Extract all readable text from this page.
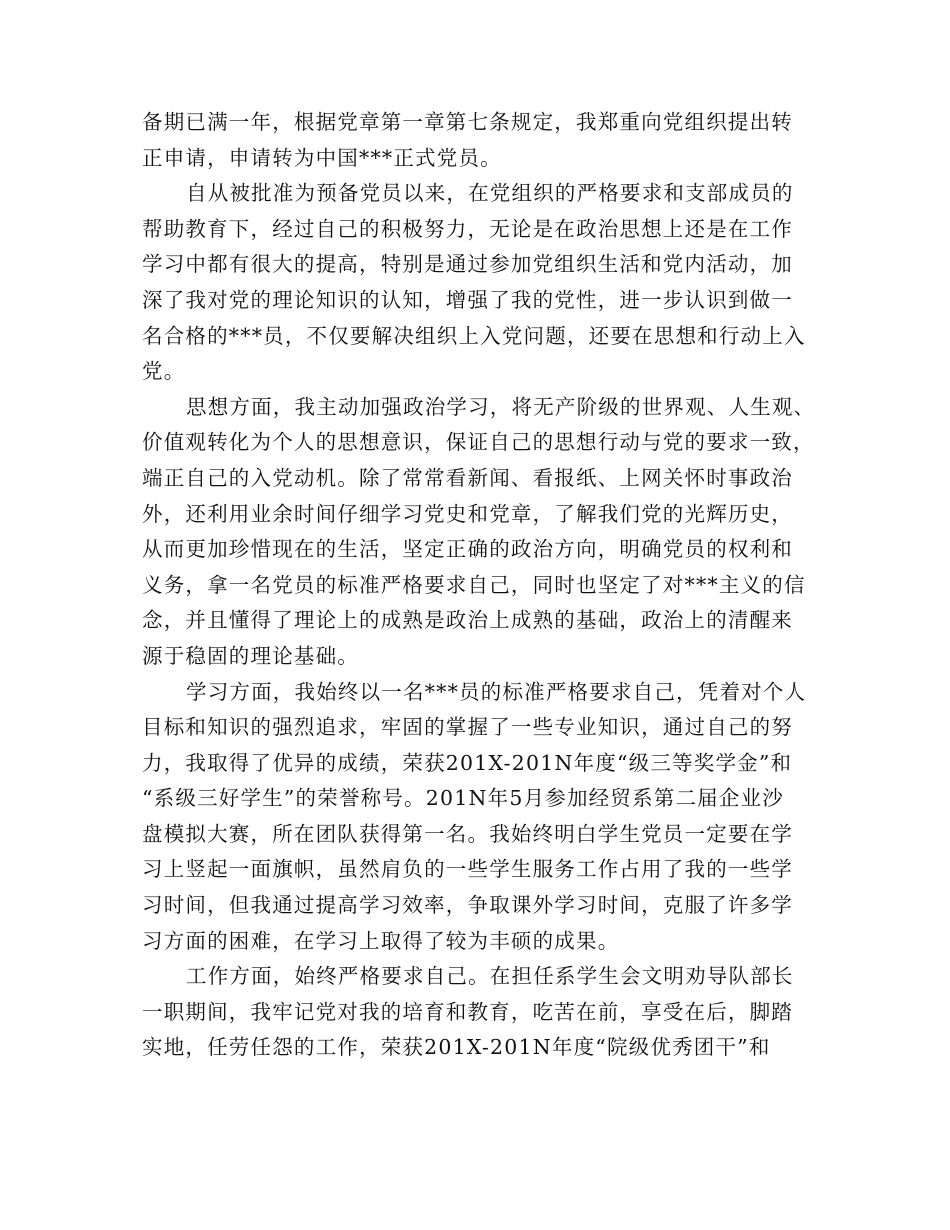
备期已满一年，根据党章第一章第七条规定，我郑重向党组织提出转
正申请，申请转为中国***正式党员。
自从被批准为预备党员以来，在党组织的严格要求和支部成员的
帮助教育下，经过自己的积极努力，无论是在政治思想上还是在工作
学习中都有很大的提高，特别是通过参加党组织生活和党内活动，加
深了我对党的理论知识的认知，增强了我的党性，进一步认识到做一
名合格的***员，不仅要解决组织上入党问题，还要在思想和行动上入
党。
思想方面，我主动加强政治学习，将无产阶级的世界观、人生观、
价值观转化为个人的思想意识，保证自己的思想行动与党的要求一致，
端正自己的入党动机。除了常常看新闻、看报纸、上网关怀时事政治
外，还利用业余时间仔细学习党史和党章，了解我们党的光辉历史，
从而更加珍惜现在的生活，坚定正确的政治方向，明确党员的权利和
义务，拿一名党员的标准严格要求自己，同时也坚定了对***主义的信
念，并且懂得了理论上的成熟是政治上成熟的基础，政治上的清醒来
源于稳固的理论基础。
学习方面，我始终以一名***员的标准严格要求自己，凭着对个人
目标和知识的强烈追求，牢固的掌握了一些专业知识，通过自己的努
力，我取得了优异的成绩，荣获201X-201N年度“级三等奖学金”和
“系级三好学生”的荣誉称号。201N年5月参加经贸系第二届企业沙
盘模拟大赛，所在团队获得第一名。我始终明白学生党员一定要在学
习上竖起一面旗帜，虽然肩负的一些学生服务工作占用了我的一些学
习时间，但我通过提高学习效率，争取课外学习时间，克服了许多学
习方面的困难，在学习上取得了较为丰硕的成果。
工作方面，始终严格要求自己。在担任系学生会文明劝导队部长
一职期间，我牢记党对我的培育和教育，吃苦在前，享受在后，脚踏
实地，任劳任怨的工作，荣获201X-201N年度“院级优秀团干”和
